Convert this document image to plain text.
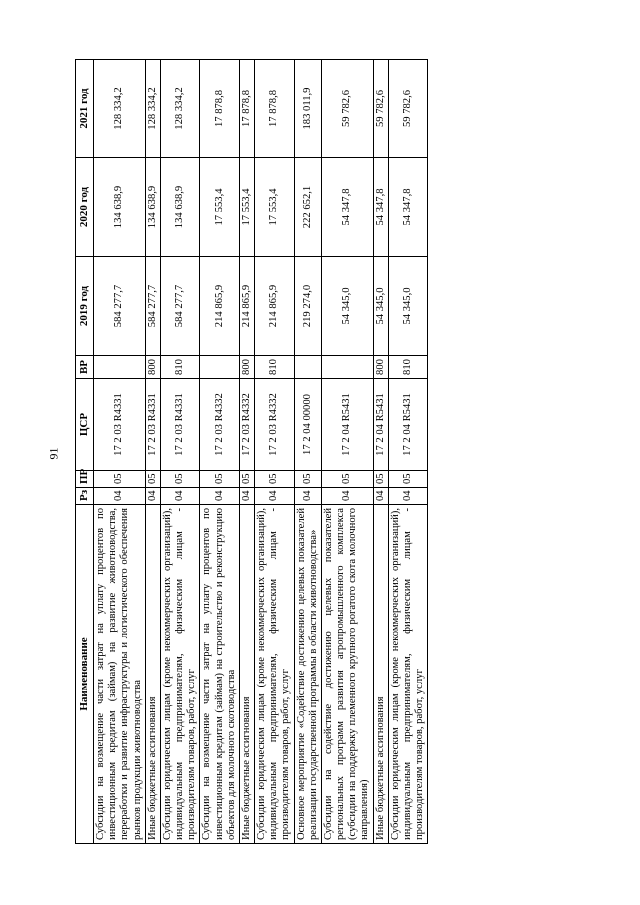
91
Наименование	Рз	ПР	ЦСР	ВР	2019 год	2020 год	2021 год
Субсидии на возмещение части затрат на уплату процентов по инвестиционным кредитам (займам) на развитие животноводства, переработки и развитие инфраструктуры и логистического обеспечения рынков продукции животноводства	04	05	17 2 03 R4331		584 277,7	134 638,9	128 334,2
Иные бюджетные ассигнования	04	05	17 2 03 R4331	800	584 277,7	134 638,9	128 334,2
Субсидии юридическим лицам (кроме некоммерческих организаций), индивидуальным предпринимателям, физическим лицам - производителям товаров, работ, услуг	04	05	17 2 03 R4331	810	584 277,7	134 638,9	128 334,2
Субсидии на возмещение части затрат на уплату процентов по инвестиционным кредитам (займам) на строительство и реконструкцию объектов для молочного скотоводства	04	05	17 2 03 R4332		214 865,9	17 553,4	17 878,8
Иные бюджетные ассигнования	04	05	17 2 03 R4332	800	214 865,9	17 553,4	17 878,8
Субсидии юридическим лицам (кроме некоммерческих организаций), индивидуальным предпринимателям, физическим лицам - производителям товаров, работ, услуг	04	05	17 2 03 R4332	810	214 865,9	17 553,4	17 878,8
Основное мероприятие «Содействие достижению целевых показателей реализации государственной программы в области животноводства»	04	05	17 2 04 00000		219 274,0	222 652,1	183 011,9
Субсидии на содействие достижению целевых показателей региональных программ развития агропромышленного комплекса (субсидии на поддержку племенного крупного рогатого скота молочного направления)	04	05	17 2 04 R5431		54 345,0	54 347,8	59 782,6
Иные бюджетные ассигнования	04	05	17 2 04 R5431	800	54 345,0	54 347,8	59 782,6
Субсидии юридическим лицам (кроме некоммерческих организаций), индивидуальным предпринимателям, физическим лицам - производителям товаров, работ, услуг	04	05	17 2 04 R5431	810	54 345,0	54 347,8	59 782,6
